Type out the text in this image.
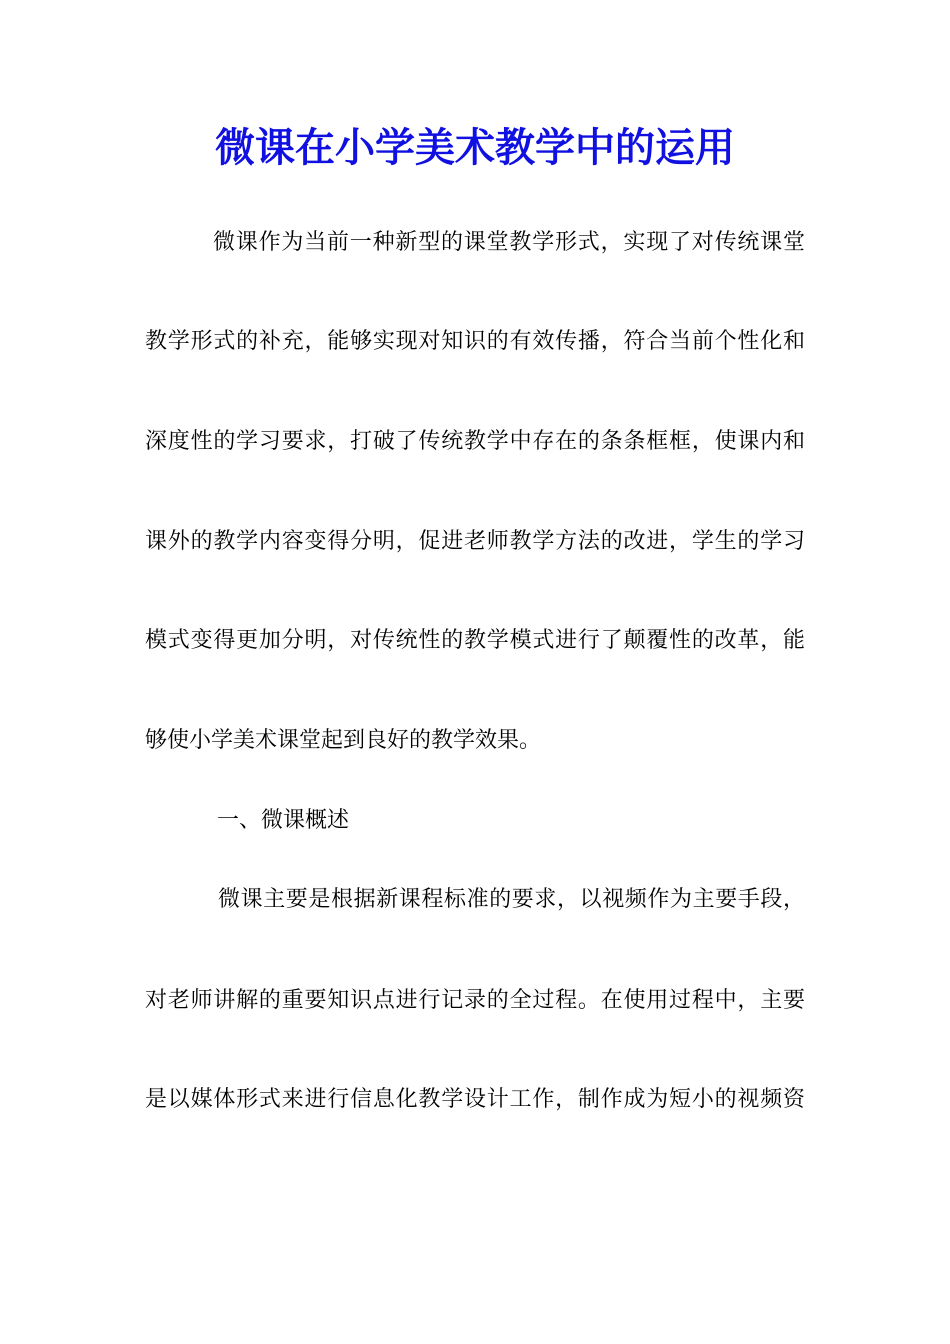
微课在小学美术教学中的运用
微课作为当前一种新型的课堂教学形式，实现了对传统课堂
教学形式的补充，能够实现对知识的有效传播，符合当前个性化和
深度性的学习要求，打破了传统教学中存在的条条框框，使课内和
课外的教学内容变得分明，促进老师教学方法的改进，学生的学习
模式变得更加分明，对传统性的教学模式进行了颠覆性的改革，能
够使小学美术课堂起到良好的教学效果。
一、微课概述
微课主要是根据新课程标准的要求，以视频作为主要手段，
对老师讲解的重要知识点进行记录的全过程。在使用过程中，主要
是以媒体形式来进行信息化教学设计工作，制作成为短小的视频资
